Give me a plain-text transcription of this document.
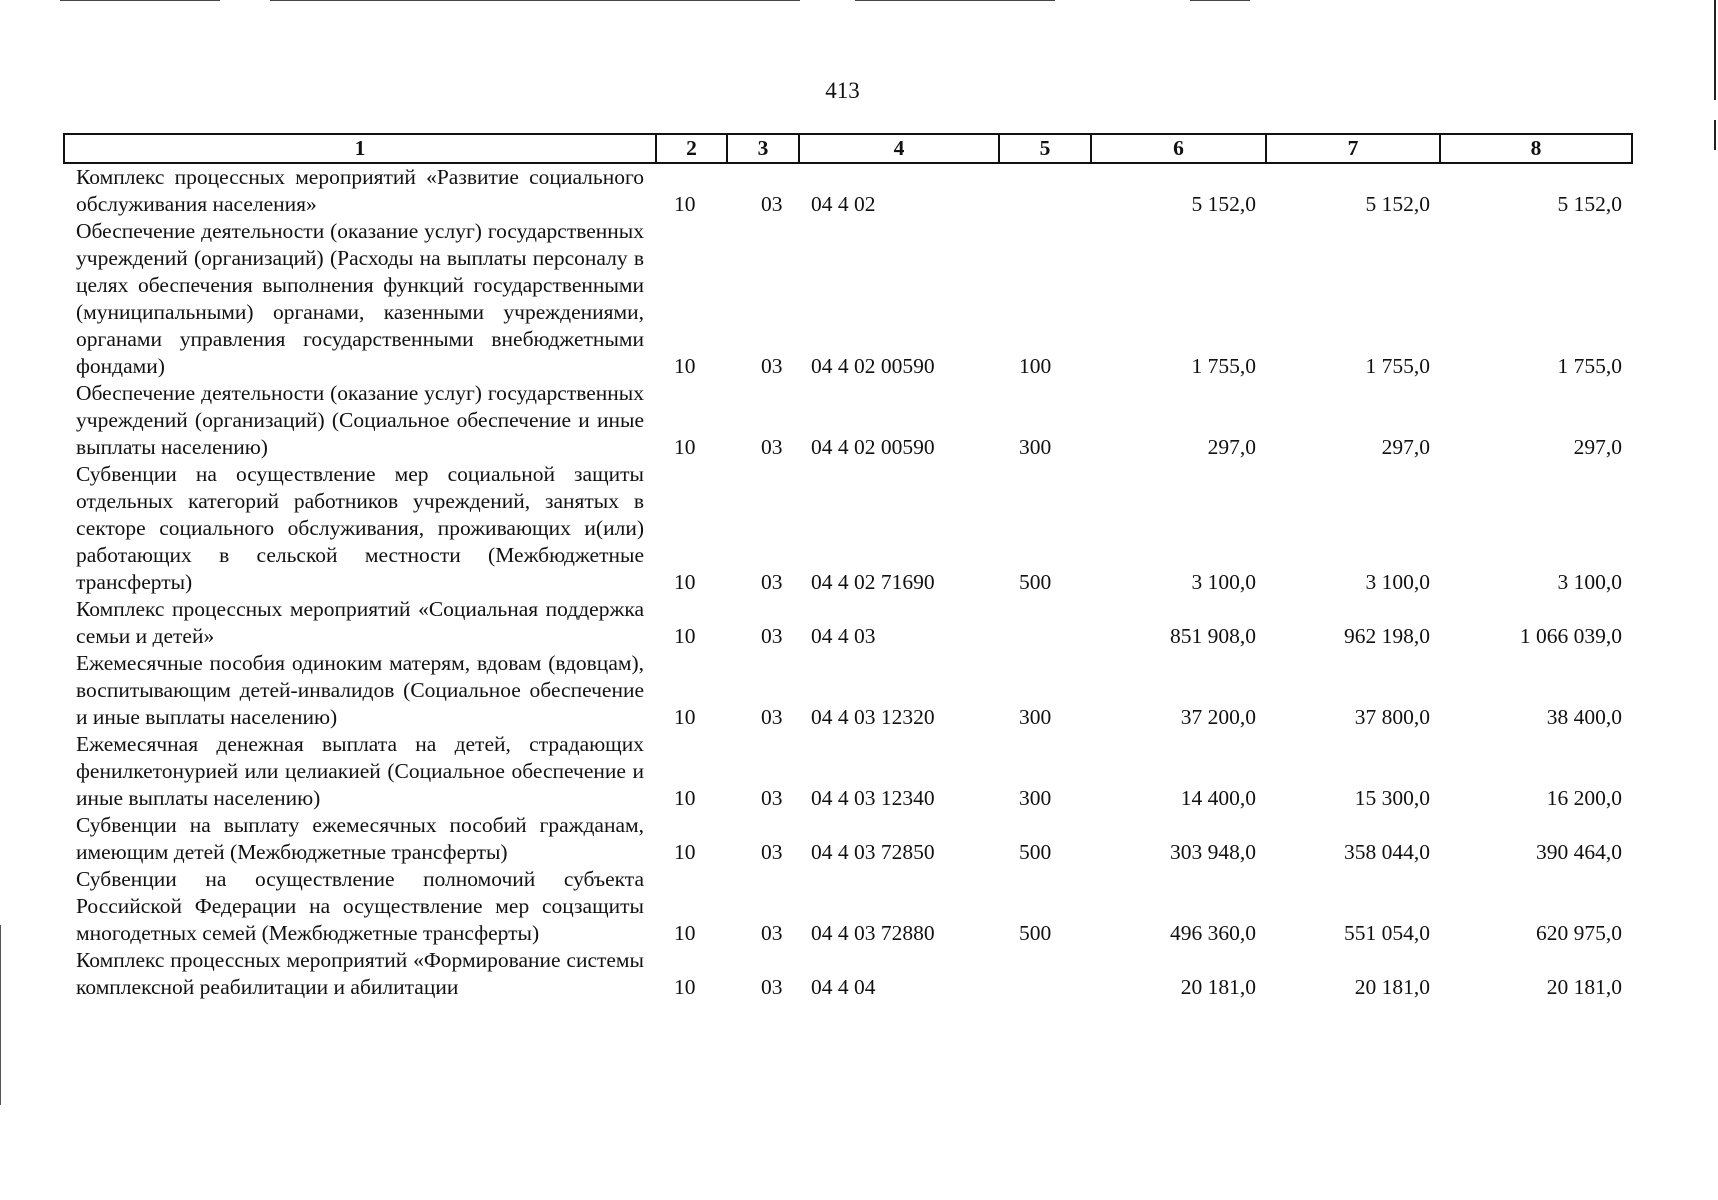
413
1	2	3	4	5	6	7	8
Комплекс процессных мероприятий «Развитие социального обслуживания населения»	10	03	04 4 02		5 152,0	5 152,0	5 152,0
Обеспечение деятельности (оказание услуг) государственных учреждений (организаций) (Расходы на выплаты персоналу в целях обеспечения выполнения функций государственными (муниципальными) органами, казенными учреждениями, органами управления государственными внебюджетными фондами)	10	03	04 4 02 00590	100	1 755,0	1 755,0	1 755,0
Обеспечение деятельности (оказание услуг) государственных учреждений (организаций) (Социальное обеспечение и иные выплаты населению)	10	03	04 4 02 00590	300	297,0	297,0	297,0
Субвенции на осуществление мер социальной защиты отдельных категорий работников учреждений, занятых в секторе социального обслуживания, проживающих и(или) работающих в сельской местности (Межбюджетные трансферты)	10	03	04 4 02 71690	500	3 100,0	3 100,0	3 100,0
Комплекс процессных мероприятий «Социальная поддержка семьи и детей»	10	03	04 4 03		851 908,0	962 198,0	1 066 039,0
Ежемесячные пособия одиноким матерям, вдовам (вдовцам), воспитывающим детей-инвалидов (Социальное обеспечение и иные выплаты населению)	10	03	04 4 03 12320	300	37 200,0	37 800,0	38 400,0
Ежемесячная денежная выплата на детей, страдающих фенилкетонурией или целиакией (Социальное обеспечение и иные выплаты населению)	10	03	04 4 03 12340	300	14 400,0	15 300,0	16 200,0
Субвенции на выплату ежемесячных пособий гражданам, имеющим детей (Межбюджетные трансферты)	10	03	04 4 03 72850	500	303 948,0	358 044,0	390 464,0
Субвенции на осуществление полномочий субъекта Российской Федерации на осуществление мер соцзащиты многодетных семей (Межбюджетные трансферты)	10	03	04 4 03 72880	500	496 360,0	551 054,0	620 975,0
Комплекс процессных мероприятий «Формирование системы комплексной реабилитации и абилитации	10	03	04 4 04		20 181,0	20 181,0	20 181,0
